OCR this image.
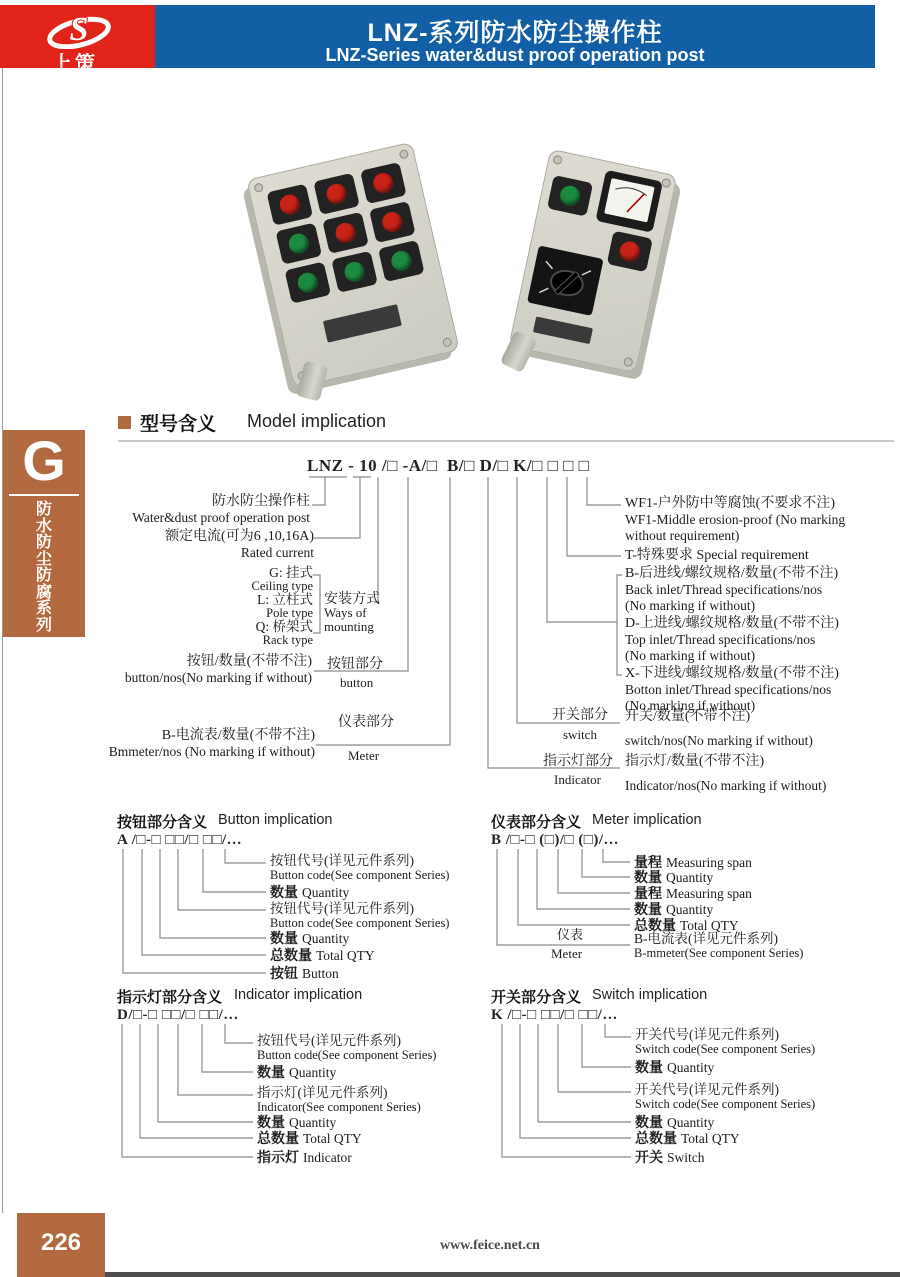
S
上策
LNZ-系列防水防尘操作柱
LNZ-Series water&dust proof operation post
G
防水防尘防腐系列
型号含义 Model implication
LNZ - 10 /□ -A/□  B/□ D/□ K/□ □ □ □
防水防尘操作柱
Water&dust proof operation post
额定电流(可为6 ,10,16A)
Rated current
G: 挂式
Ceiling type
L: 立柱式
Pole type
Q: 桥架式
Rack type
安装方式
Ways of
mounting
按钮/数量(不带不注)
button/nos(No marking if without)
按钮部分
button
B-电流表/数量(不带不注)
Bmmeter/nos (No marking if without)
仪表部分
Meter
WF1-户外防中等腐蚀(不要求不注)
WF1-Middle erosion-proof (No marking
without requirement)
T-特殊要求 Special requirement
B-后进线/螺纹规格/数量(不带不注)
Back inlet/Thread specifications/nos
(No marking if without)
D-上进线/螺纹规格/数量(不带不注)
Top inlet/Thread specifications/nos
(No marking if without)
X-下进线/螺纹规格/数量(不带不注)
Botton inlet/Thread specifications/nos
(No marking if without)
开关部分
switch
开关/数量(不带不注)
switch/nos(No marking if without)
指示灯部分
Indicator
指示灯/数量(不带不注)
Indicator/nos(No marking if without)
按钮部分含义 Button implication
A /□-□ □□/□ □□/…
按钮代号(详见元件系列)
Button code(See component Series)
数量 Quantity
按钮代号(详见元件系列)
Button code(See component Series)
数量 Quantity
总数量 Total QTY
按钮 Button
仪表部分含义 Meter implication
B /□-□ (□)/□ (□)/…
量程 Measuring span
数量 Quantity
量程 Measuring span
数量 Quantity
总数量 Total QTY
B-电流表(详见元件系列)
B-mmeter(See component Series)
仪表
Meter
指示灯部分含义 Indicator implication
D/□-□ □□/□ □□/…
按钮代号(详见元件系列)
Button code(See component Series)
数量 Quantity
指示灯(详见元件系列)
Indicator(See component Series)
数量 Quantity
总数量 Total QTY
指示灯 Indicator
开关部分含义 Switch implication
K /□-□ □□/□ □□/…
开关代号(详见元件系列)
Switch code(See component Series)
数量 Quantity
开关代号(详见元件系列)
Switch code(See component Series)
数量 Quantity
总数量 Total QTY
开关 Switch
226	www.feice.net.cn
